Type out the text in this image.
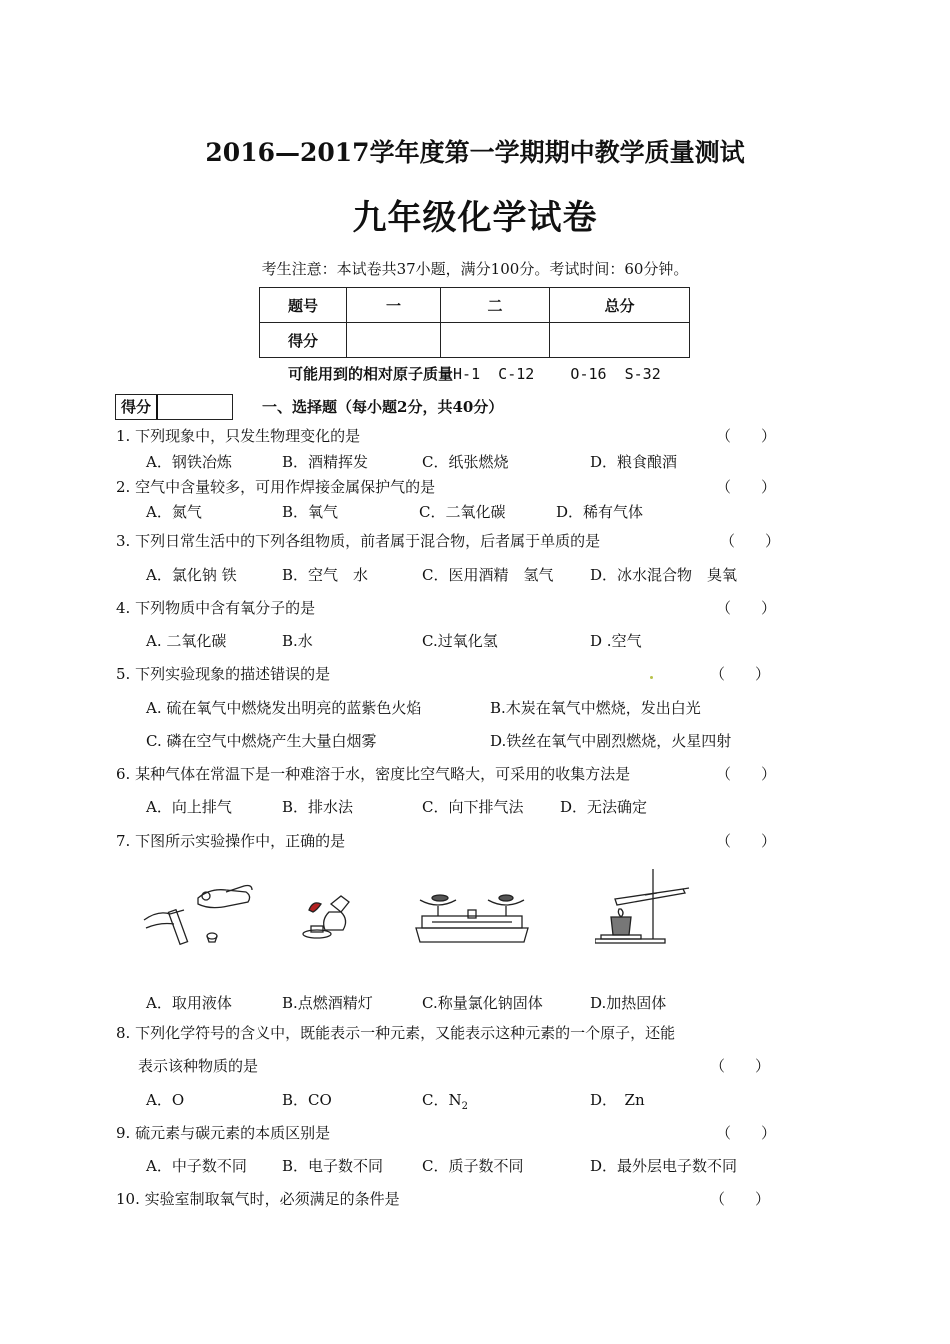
2016—2017学年度第一学期期中教学质量测试
九年级化学试卷
考生注意：本试卷共37小题，满分100分。考试时间：60分钟。
题号	一	二	总分
得分			
可能用到的相对原子质量H-1  C-12    O-16  S-32
得分	一、选择题（每小题2分，共40分）
1. 下列现象中，只发生物理变化的是	（　　）
A．钢铁冶炼	B．酒精挥发	C．纸张燃烧	D．粮食酿酒
2. 空气中含量较多，可用作焊接金属保护气的是	（　　）
A．氮气	B．氧气	C．二氧化碳	D．稀有气体
3. 下列日常生活中的下列各组物质，前者属于混合物，后者属于单质的是	（　　）
A．氯化钠 铁	B．空气　水	C．医用酒精　氢气 D．冰水混合物　臭氧
4. 下列物质中含有氧分子的是	（　　）
A. 二氧化碳	B.水	C.过氧化氢	D .空气
5. 下列实验现象的描述错误的是	（　　）
A. 硫在氧气中燃烧发出明亮的蓝紫色火焰	B.木炭在氧气中燃烧，发出白光
C. 磷在空气中燃烧产生大量白烟雾	D.铁丝在氧气中剧烈燃烧，火星四射
6. 某种气体在常温下是一种难溶于水，密度比空气略大，可采用的收集方法是	（　　）
A．向上排气	B．排水法	C．向下排气法 D．无法确定
7. 下图所示实验操作中，正确的是	（　　）
A．取用液体	B.点燃酒精灯	C.称量氯化钠固体	D.加热固体
8. 下列化学符号的含义中，既能表示一种元素，又能表示这种元素的一个原子，还能
表示该种物质的是	（　　）
A．O	B．CO	C．$N_2$	D．　Zn
9. 硫元素与碳元素的本质区别是	（　　）
A．中子数不同 B．电子数不同	C．质子数不同	D．最外层电子数不同
10. 实验室制取氧气时，必须满足的条件是	（　　）
